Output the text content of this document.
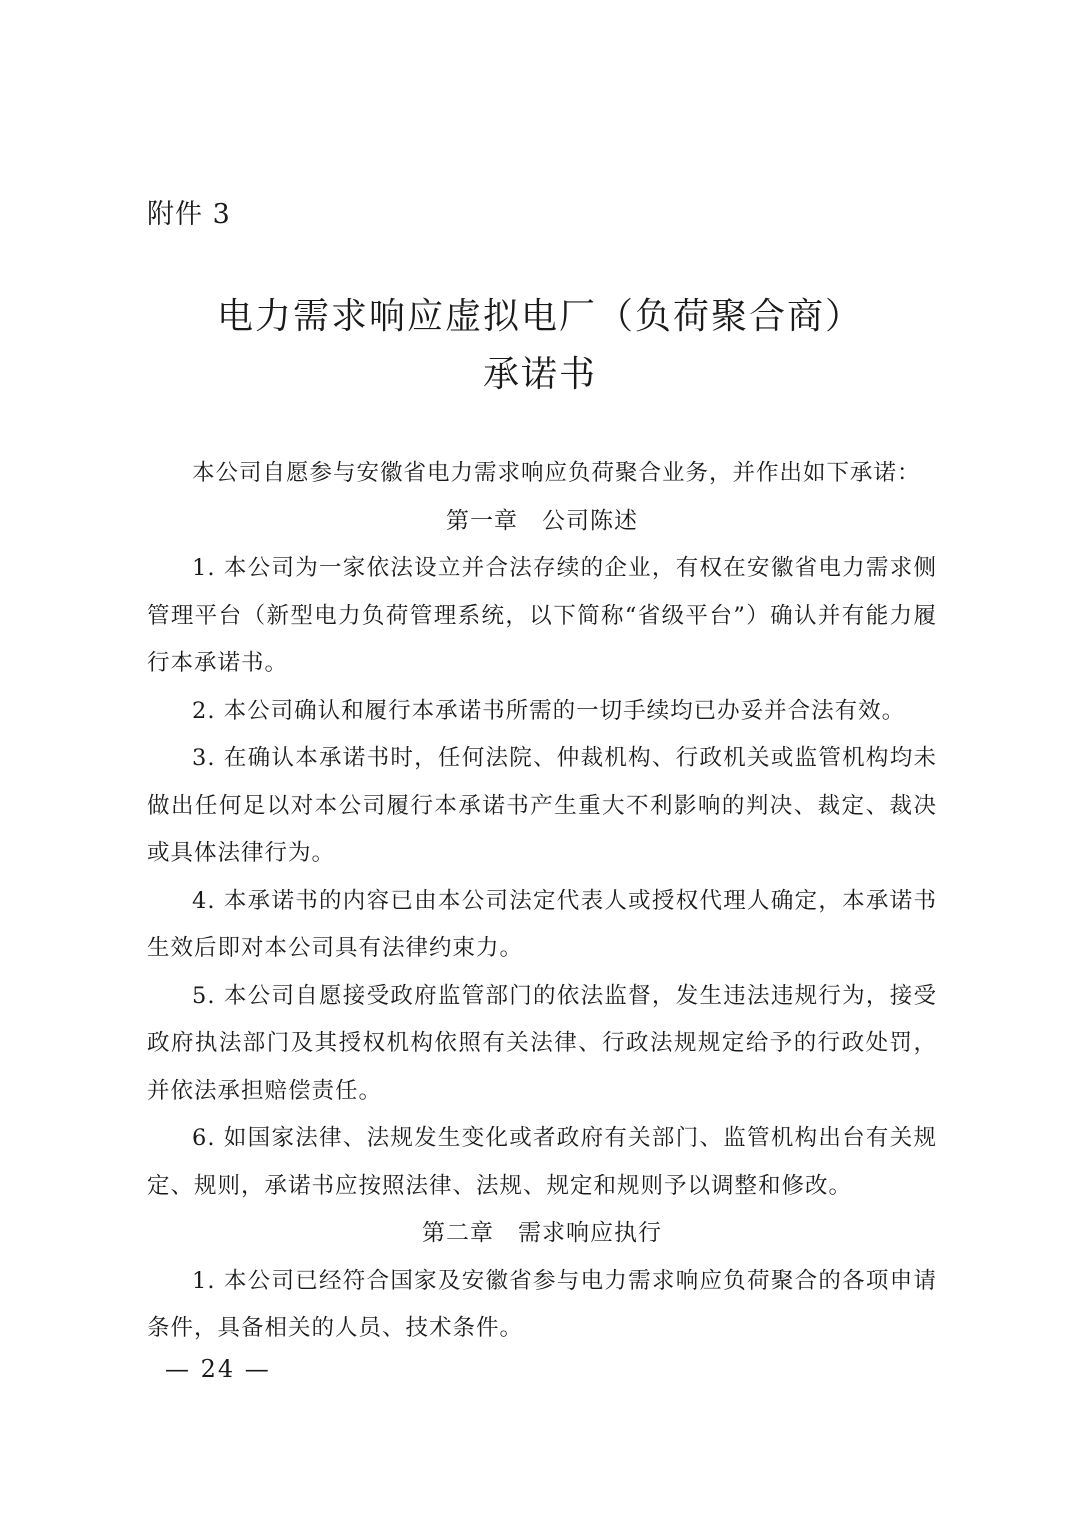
附件 3
电力需求响应虚拟电厂（负荷聚合商）
承诺书

本公司自愿参与安徽省电力需求响应负荷聚合业务，并作出如下承诺：

第一章　公司陈述

1. 本公司为一家依法设立并合法存续的企业，有权在安徽省电力需求侧管理平台（新型电力负荷管理系统，以下简称“省级平台”）确认并有能力履行本承诺书。

2. 本公司确认和履行本承诺书所需的一切手续均已办妥并合法有效。

3. 在确认本承诺书时，任何法院、仲裁机构、行政机关或监管机构均未做出任何足以对本公司履行本承诺书产生重大不利影响的判决、裁定、裁决或具体法律行为。

4. 本承诺书的内容已由本公司法定代表人或授权代理人确定，本承诺书生效后即对本公司具有法律约束力。

5. 本公司自愿接受政府监管部门的依法监督，发生违法违规行为，接受政府执法部门及其授权机构依照有关法律、行政法规规定给予的行政处罚，并依法承担赔偿责任。

6. 如国家法律、法规发生变化或者政府有关部门、监管机构出台有关规定、规则，承诺书应按照法律、法规、规定和规则予以调整和修改。

第二章　需求响应执行

1. 本公司已经符合国家及安徽省参与电力需求响应负荷聚合的各项申请条件，具备相关的人员、技术条件。

— 24 —
